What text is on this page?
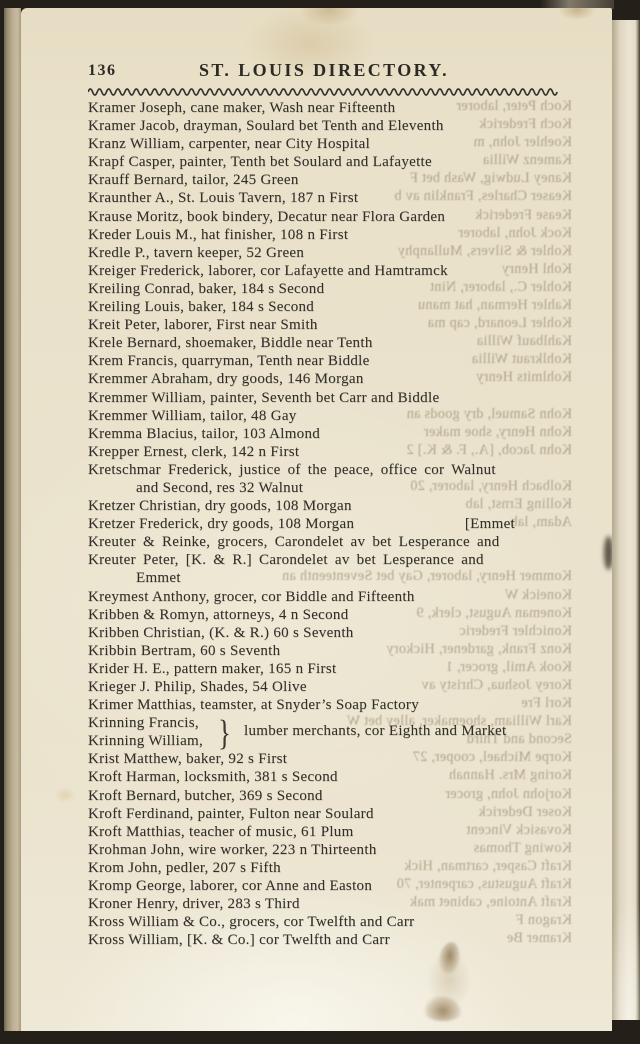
Koch Peter, laborer
Koch Frederick
Koehler John, m
Kamenz Willia
Kaney Ludwig, Wash bet F
Keaser Charles, Franklin av b
Kease Frederick
Kock John, laborer
Kohler & Silvers, Mullanphy
Kohl Henry
Kohler C., laborer, Nint
Kahler Herman, hat manu
Kohler Leonard, cap ma
Kahlbauf Willia
Kohlkraut Willia
Kohlmits Henry
Kohn Samuel, dry goods an
Kohn Henry, shoe maker
Kohn Jacob, [A., F. & K.] 2
Kolbach Henry, laborer, 20
Kolling Ernst, lab
Adam, lab
Kommer Henry, laborer, Gay bet Seventeenth an
Koneick W
Koneman August, clerk, 9
Konichler Frederic
Konz Frank, gardener, Hickory
Kook Amil, grocer, 1
Korey Joshua, Christy av
Korl Fre
Karl William, shoemaker, alley bet W
Second and Third
Korpe Michael, cooper, 27
Koring Mrs. Hannah
Korjohn John, grocer
Koser Dederick
Kovasick Vincent
Kowing Thomas
Kraft Casper, cartman, Hick
Kraft Augustus, carpenter, 70
Kraft Antoine, cabinet mak
Kragon F
Kramer Be
136	ST. LOUIS DIRECTORY.
Kramer Joseph, cane maker, Wash near Fifteenth
Kramer Jacob, drayman, Soulard bet Tenth and Eleventh
Kranz William, carpenter, near City Hospital
Krapf Casper, painter, Tenth bet Soulard and Lafayette
Krauff Bernard, tailor, 245 Green
Kraunther A., St. Louis Tavern, 187 n First
Krause Moritz, book bindery, Decatur near Flora Garden
Kreder Louis M., hat finisher, 108 n First
Kredle P., tavern keeper, 52 Green
Kreiger Frederick, laborer, cor Lafayette and Hamtramck
Kreiling Conrad, baker, 184 s Second
Kreiling Louis, baker, 184 s Second
Kreit Peter, laborer, First near Smith
Krele Bernard, shoemaker, Biddle near Tenth
Krem Francis, quarryman, Tenth near Biddle
Kremmer Abraham, dry goods, 146 Morgan
Kremmer William, painter, Seventh bet Carr and Biddle
Kremmer William, tailor, 48 Gay
Kremma Blacius, tailor, 103 Almond
Krepper Ernest, clerk, 142 n First
Kretschmar Frederick, justice of the peace, office cor Walnut
and Second, res 32 Walnut
Kretzer Christian, dry goods, 108 Morgan
Kretzer Frederick, dry goods, 108 Morgan	[Emmet
Kreuter & Reinke, grocers, Carondelet av bet Lesperance and
Kreuter Peter, [K. & R.] Carondelet av bet Lesperance and
Emmet
Kreymest Anthony, grocer, cor Biddle and Fifteenth
Kribben & Romyn, attorneys, 4 n Second
Kribben Christian, (K. & R.) 60 s Seventh
Kribbin Bertram, 60 s Seventh
Krider H. E., pattern maker, 165 n First
Krieger J. Philip, Shades, 54 Olive
Krimer Matthias, teamster, at Snyder’s Soap Factory
Krinning Francis,
Krinning William, } lumber merchants, cor Eighth and Market
Krist Matthew, baker, 92 s First
Kroft Harman, locksmith, 381 s Second
Kroft Bernard, butcher, 369 s Second
Kroft Ferdinand, painter, Fulton near Soulard
Kroft Matthias, teacher of music, 61 Plum
Krohman John, wire worker, 223 n Thirteenth
Krom John, pedler, 207 s Fifth
Kromp George, laborer, cor Anne and Easton
Kroner Henry, driver, 283 s Third
Kross William & Co., grocers, cor Twelfth and Carr
Kross William, [K. & Co.] cor Twelfth and Carr
